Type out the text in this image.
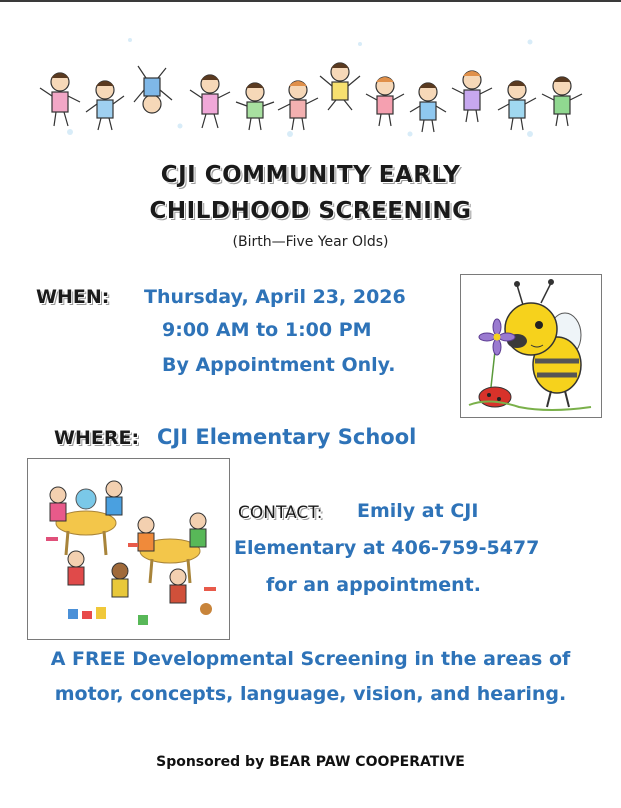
CJI COMMUNITY EARLY
CHILDHOOD SCREENING
(Birth—Five Year Olds)
WHEN: Thursday, April 23, 2026
9:00 AM to 1:00 PM
By Appointment Only.
WHERE: CJI Elementary School
CONTACT: Emily at CJI
Elementary at 406-759-5477
for an appointment.
A FREE Developmental Screening in the areas of
motor, concepts, language, vision, and hearing.
Sponsored by BEAR PAW COOPERATIVE
